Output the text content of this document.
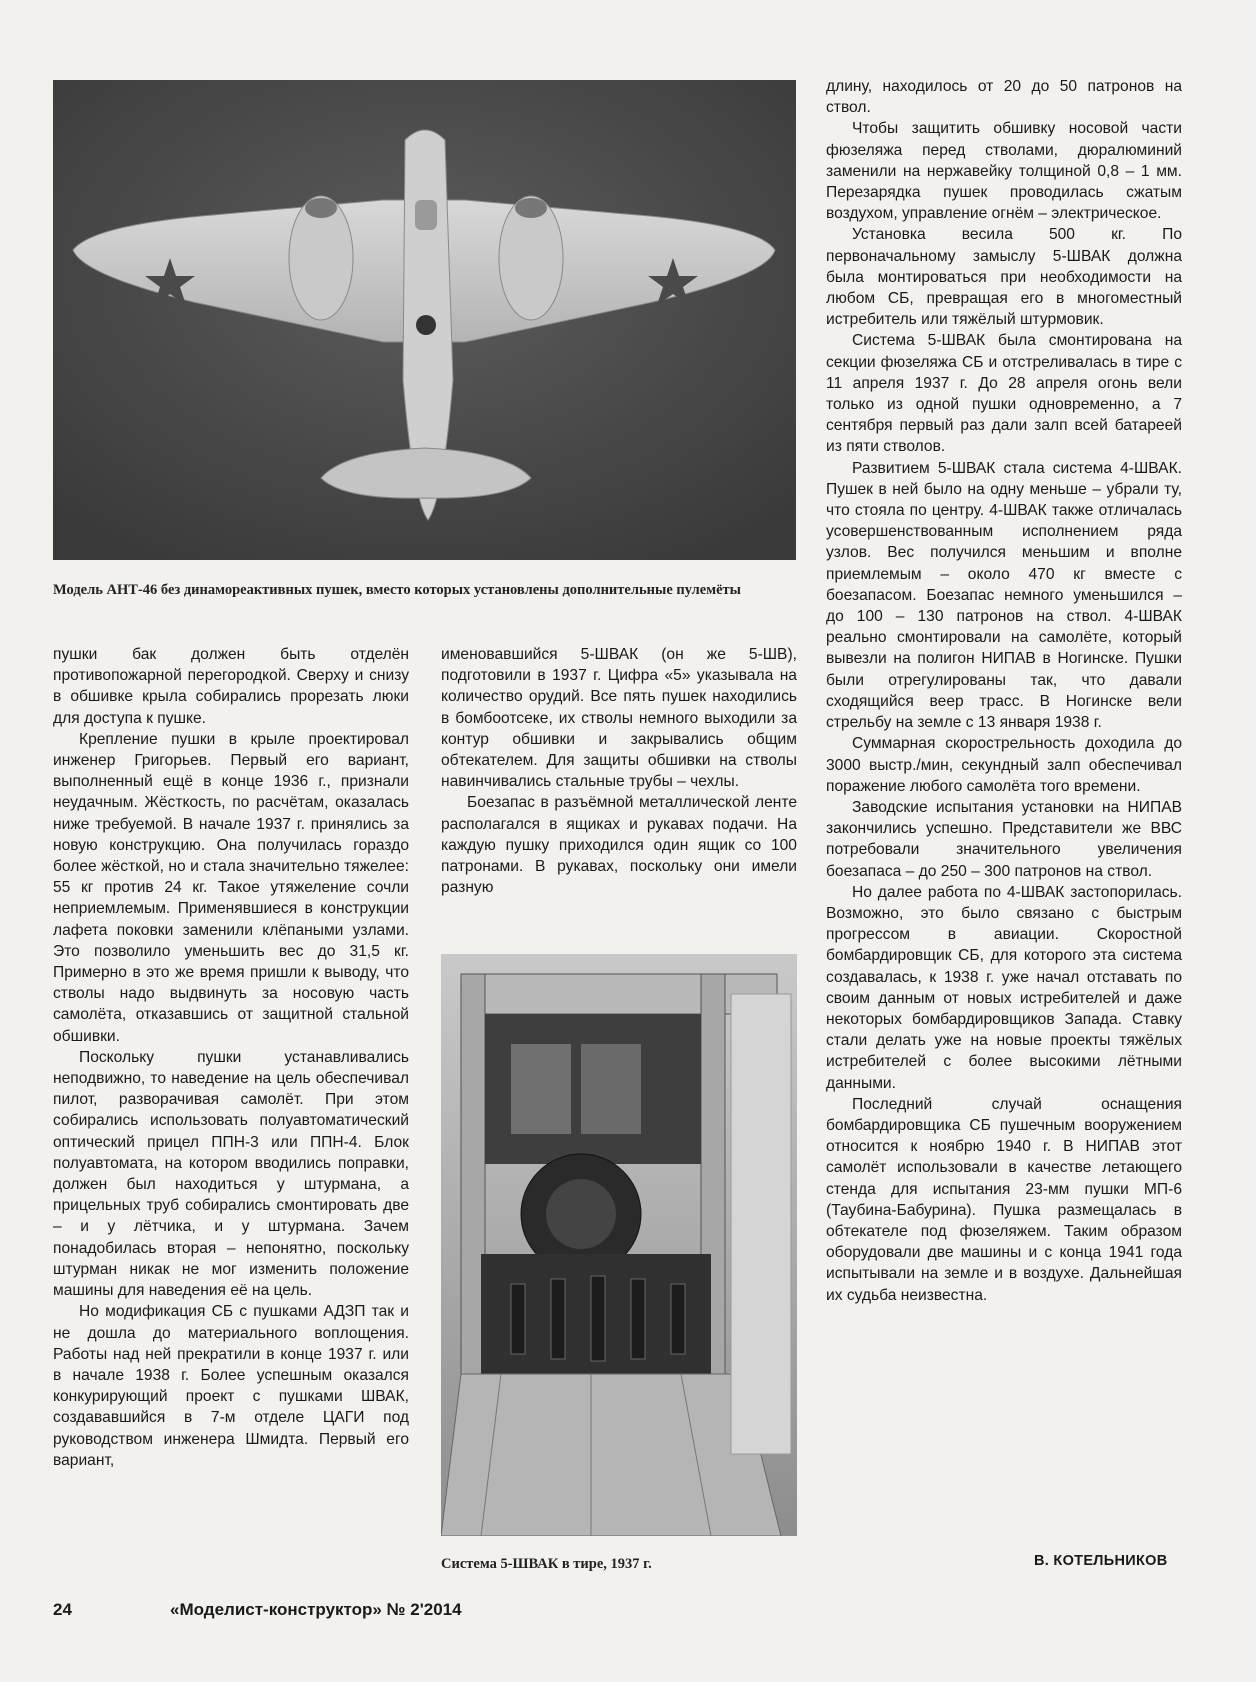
Модель АНТ-46 без динамореактивных пушек, вместо которых установлены дополнительные пулемёты

пушки бак должен быть отделён противопожарной перегородкой. Сверху и снизу в обшивке крыла собирались прорезать люки для доступа к пушке.

Крепление пушки в крыле проектировал инженер Григорьев. Первый его вариант, выполненный ещё в конце 1936 г., признали неудачным. Жёсткость, по расчётам, оказалась ниже требуемой. В начале 1937 г. принялись за новую конструкцию. Она получилась гораздо более жёсткой, но и стала значительно тяжелее: 55 кг против 24 кг. Такое утяжеление сочли неприемлемым. Применявшиеся в конструкции лафета поковки заменили клёпаными узлами. Это позволило уменьшить вес до 31,5 кг. Примерно в это же время пришли к выводу, что стволы надо выдвинуть за носовую часть самолёта, отказавшись от защитной стальной обшивки.

Поскольку пушки устанавливались неподвижно, то наведение на цель обеспечивал пилот, разворачивая самолёт. При этом собирались использовать полуавтоматический оптический прицел ППН-3 или ППН-4. Блок полуавтомата, на котором вводились поправки, должен был находиться у штурмана, а прицельных труб собирались смонтировать две – и у лётчика, и у штурмана. Зачем понадобилась вторая – непонятно, поскольку штурман никак не мог изменить положение машины для наведения её на цель.

Но модификация СБ с пушками АДЗП так и не дошла до материального воплощения. Работы над ней прекратили в конце 1937 г. или в начале 1938 г. Более успешным оказался конкурирующий проект с пушками ШВАК, создававшийся в 7-м отделе ЦАГИ под руководством инженера Шмидта. Первый его вариант,

именовавшийся 5-ШВАК (он же 5-ШВ), подготовили в 1937 г. Цифра «5» указывала на количество орудий. Все пять пушек находились в бомбоотсеке, их стволы немного выходили за контур обшивки и закрывались общим обтекателем. Для защиты обшивки на стволы навинчивались стальные трубы – чехлы.

Боезапас в разъёмной металлической ленте располагался в ящиках и рукавах подачи. На каждую пушку приходился один ящик со 100 патронами. В рукавах, поскольку они имели разную

Система 5-ШВАК в тире, 1937 г.

длину, находилось от 20 до 50 патронов на ствол.

Чтобы защитить обшивку носовой части фюзеляжа перед стволами, дюралюминий заменили на нержавейку толщиной 0,8 – 1 мм. Перезарядка пушек проводилась сжатым воздухом, управление огнём – электрическое.

Установка весила 500 кг. По первоначальному замыслу 5-ШВАК должна была монтироваться при необходимости на любом СБ, превращая его в многоместный истребитель или тяжёлый штурмовик.

Система 5-ШВАК была смонтирована на секции фюзеляжа СБ и отстреливалась в тире с 11 апреля 1937 г. До 28 апреля огонь вели только из одной пушки одновременно, а 7 сентября первый раз дали залп всей батареей из пяти стволов.

Развитием 5-ШВАК стала система 4-ШВАК. Пушек в ней было на одну меньше – убрали ту, что стояла по центру. 4-ШВАК также отличалась усовершенствованным исполнением ряда узлов. Вес получился меньшим и вполне приемлемым – около 470 кг вместе с боезапасом. Боезапас немного уменьшился – до 100 – 130 патронов на ствол. 4-ШВАК реально смонтировали на самолёте, который вывезли на полигон НИПАВ в Ногинске. Пушки были отрегулированы так, что давали сходящийся веер трасс. В Ногинске вели стрельбу на земле с 13 января 1938 г.

Суммарная скорострельность доходила до 3000 выстр./мин, секундный залп обеспечивал поражение любого самолёта того времени.

Заводские испытания установки на НИПАВ закончились успешно. Представители же ВВС потребовали значительного увеличения боезапаса – до 250 – 300 патронов на ствол.

Но далее работа по 4-ШВАК застопорилась. Возможно, это было связано с быстрым прогрессом в авиации. Скоростной бомбардировщик СБ, для которого эта система создавалась, к 1938 г. уже начал отставать по своим данным от новых истребителей и даже некоторых бомбардировщиков Запада. Ставку стали делать уже на новые проекты тяжёлых истребителей с более высокими лётными данными.

Последний случай оснащения бомбардировщика СБ пушечным вооружением относится к ноябрю 1940 г. В НИПАВ этот самолёт использовали в качестве летающего стенда для испытания 23-мм пушки МП-6 (Таубина-Бабурина). Пушка размещалась в обтекателе под фюзеляжем. Таким образом оборудовали две машины и с конца 1941 года испытывали на земле и в воздухе. Дальнейшая их судьба неизвестна.

В. КОТЕЛЬНИКОВ
24	«Моделист-конструктор» № 2'2014
